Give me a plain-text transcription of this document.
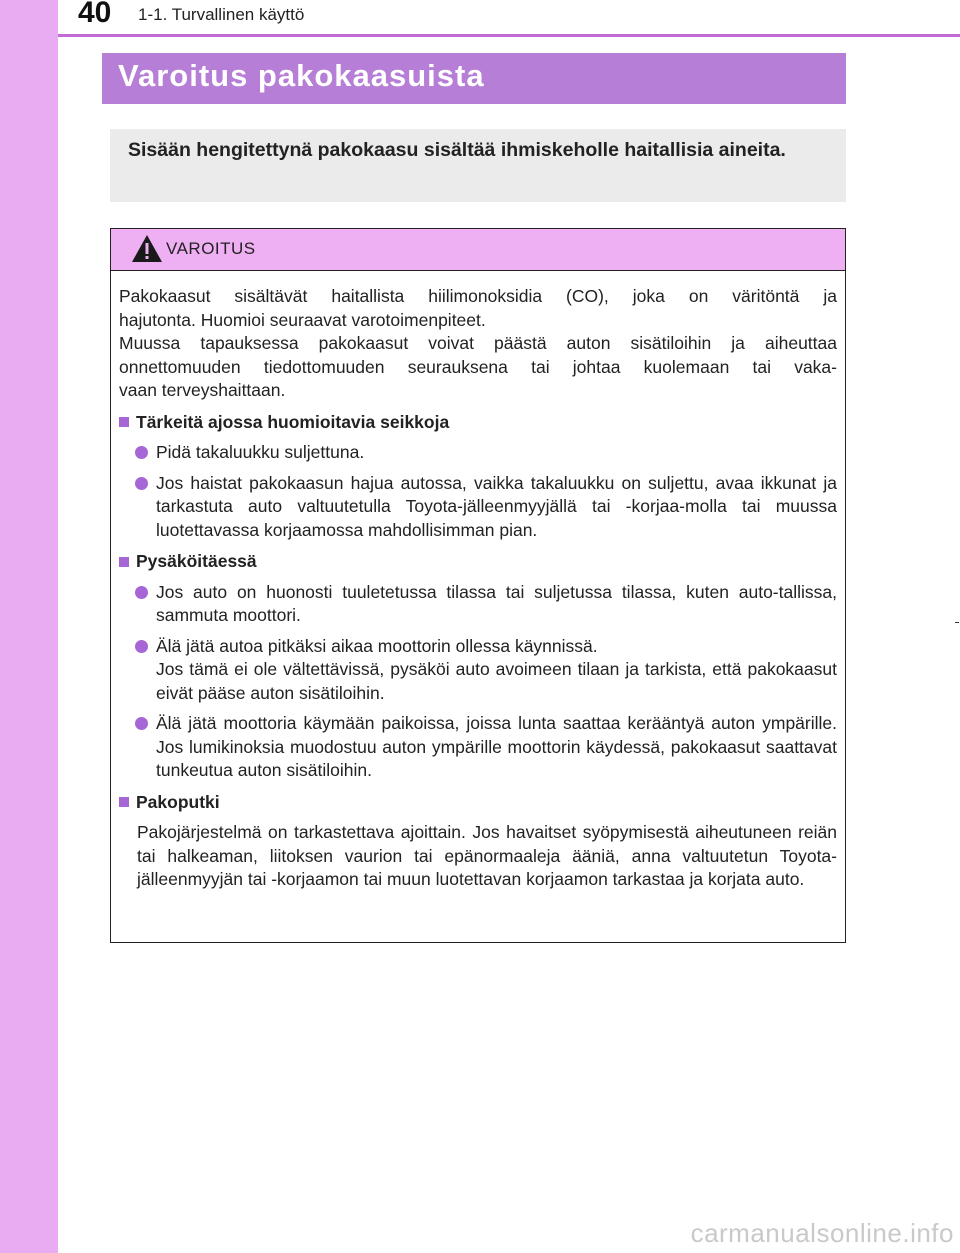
40 1-1. Turvallinen käyttö
Varoitus pakokaasuista
Sisään hengitettynä pakokaasu sisältää ihmiskeholle haitallisia aineita.
VAROITUS
Pakokaasut sisältävät haitallista hiilimonoksidia (CO), joka on väritöntä ja
hajutonta. Huomioi seuraavat varotoimenpiteet.
Muussa tapauksessa pakokaasut voivat päästä auton sisätiloihin ja aiheuttaa
onnettomuuden tiedottomuuden seurauksena tai johtaa kuolemaan tai vaka-
vaan terveyshaittaan.
Tärkeitä ajossa huomioitavia seikkoja
Pidä takaluukku suljettuna.
Jos haistat pakokaasun hajua autossa, vaikka takaluukku on suljettu, avaa ikkunat ja tarkastuta auto valtuutetulla Toyota-jälleenmyyjällä tai -korjaa-molla tai muussa luotettavassa korjaamossa mahdollisimman pian.
Pysäköitäessä
Jos auto on huonosti tuuletetussa tilassa tai suljetussa tilassa, kuten auto-tallissa, sammuta moottori.
Älä jätä autoa pitkäksi aikaa moottorin ollessa käynnissä.
Jos tämä ei ole vältettävissä, pysäköi auto avoimeen tilaan ja tarkista, että pakokaasut eivät pääse auton sisätiloihin.
Älä jätä moottoria käymään paikoissa, joissa lunta saattaa kerääntyä auton ympärille. Jos lumikinoksia muodostuu auton ympärille moottorin käydessä, pakokaasut saattavat tunkeutua auton sisätiloihin.
Pakoputki
Pakojärjestelmä on tarkastettava ajoittain. Jos havaitset syöpymisestä aiheutuneen reiän tai halkeaman, liitoksen vaurion tai epänormaaleja ääniä, anna valtuutetun Toyota-jälleenmyyjän tai -korjaamon tai muun luotettavan korjaamon tarkastaa ja korjata auto.
carmanualsonline.info
